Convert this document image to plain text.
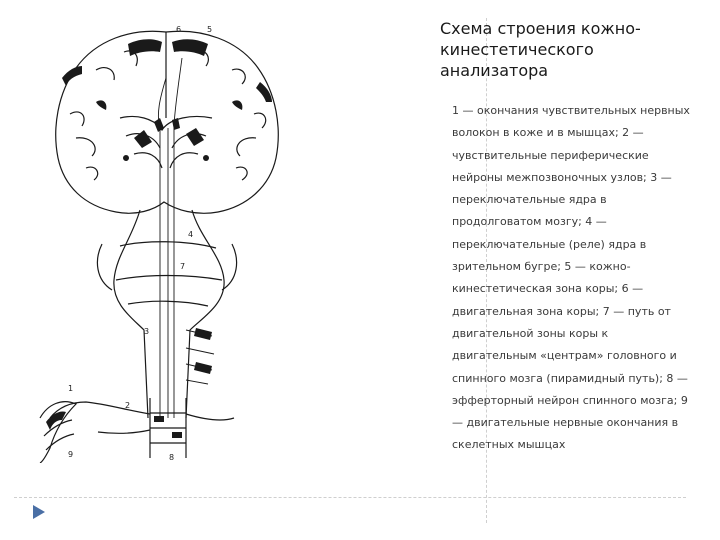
6	5
4
7
3
1
2
9	8
Схема строения кожно-кинестетического анализатора

1 — окончания чувствительных нервных волокон в коже и в мышцах; 2 — чувствительные периферические нейроны межпозвоночных узлов; 3 — переключательные ядра в продолговатом мозгу; 4 — переключательные (реле) ядра в зрительном бугре; 5 — кожно-кинестетическая зона коры; 6 — двигательная зона коры; 7 — путь от двигательной зоны коры к двигательным «центрам» головного и спинного мозга (пирамидный путь); 8 — эфферторный нейрон спинного мозга; 9 — двигательные нервные окончания в скелетных мышцах
